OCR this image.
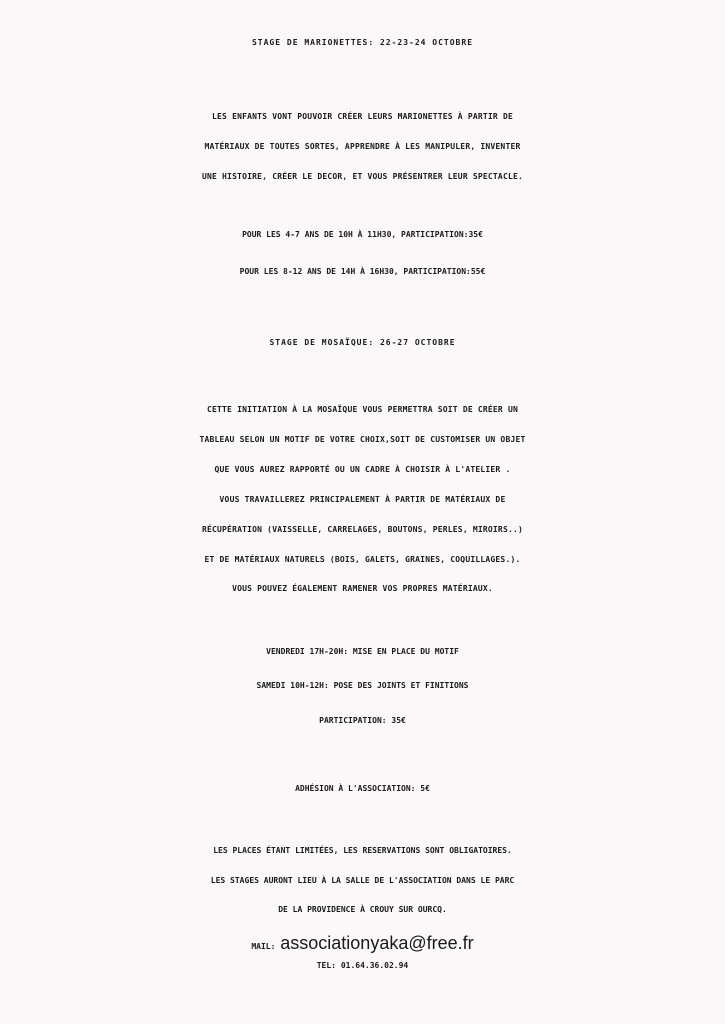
STAGE DE MARIONETTES: 22-23-24 OCTOBRE
LES ENFANTS VONT POUVOIR CRÉER LEURS MARIONETTES À PARTIR DE
MATÉRIAUX DE TOUTES SORTES, APPRENDRE À LES MANIPULER, INVENTER
UNE HISTOIRE, CRÉER LE DECOR, ET VOUS PRÉSENTRER LEUR SPECTACLE.
POUR LES 4-7 ANS DE 10H À 11H30, PARTICIPATION:35€
POUR LES 8-12 ANS DE 14H À 16H30, PARTICIPATION:55€
STAGE DE MOSAÏQUE: 26-27 OCTOBRE
CETTE INITIATION À LA MOSAÏQUE VOUS PERMETTRA SOIT DE CRÉER UN
TABLEAU SELON UN MOTIF DE VOTRE CHOIX,SOIT DE CUSTOMISER UN OBJET
QUE VOUS AUREZ RAPPORTÉ OU UN CADRE À CHOISIR À L'ATELIER .
VOUS TRAVAILLEREZ PRINCIPALEMENT À PARTIR DE MATÉRIAUX DE
RÉCUPÉRATION (VAISSELLE, CARRELAGES, BOUTONS, PERLES, MIROIRS..)
ET DE MATÉRIAUX NATURELS (BOIS, GALETS, GRAINES, COQUILLAGES.).
VOUS POUVEZ ÉGALEMENT RAMENER VOS PROPRES MATÉRIAUX.
VENDREDI 17H-20H: MISE EN PLACE DU MOTIF
SAMEDI 10H-12H: POSE DES JOINTS ET FINITIONS
PARTICIPATION: 35€
ADHÉSION À L'ASSOCIATION: 5€
LES PLACES ÉTANT LIMITÉES, LES RESERVATIONS SONT OBLIGATOIRES.
LES STAGES AURONT LIEU À LA SALLE DE L'ASSOCIATION DANS LE PARC
DE LA PROVIDENCE À CROUY SUR OURCQ.
MAIL: associationyaka@free.fr
TEL: 01.64.36.02.94
